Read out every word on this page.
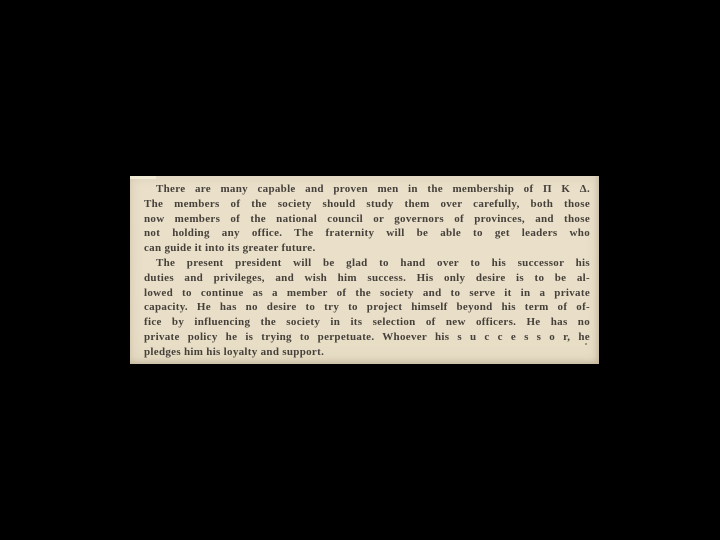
There are many capable and proven men in the membership of Π K Δ.
The members of the society should study them over carefully, both those
now members of the national council or governors of provinces, and those
not holding any office. The fraternity will be able to get leaders who
can guide it into its greater future.
The present president will be glad to hand over to his successor his
duties and privileges, and wish him success. His only desire is to be al-
lowed to continue as a member of the society and to serve it in a private
capacity. He has no desire to try to project himself beyond his term of of-
fice by influencing the society in its selection of new officers. He has no
private policy he is trying to perpetuate. Whoever his s u c c e s s o r, he
pledges him his loyalty and support.
